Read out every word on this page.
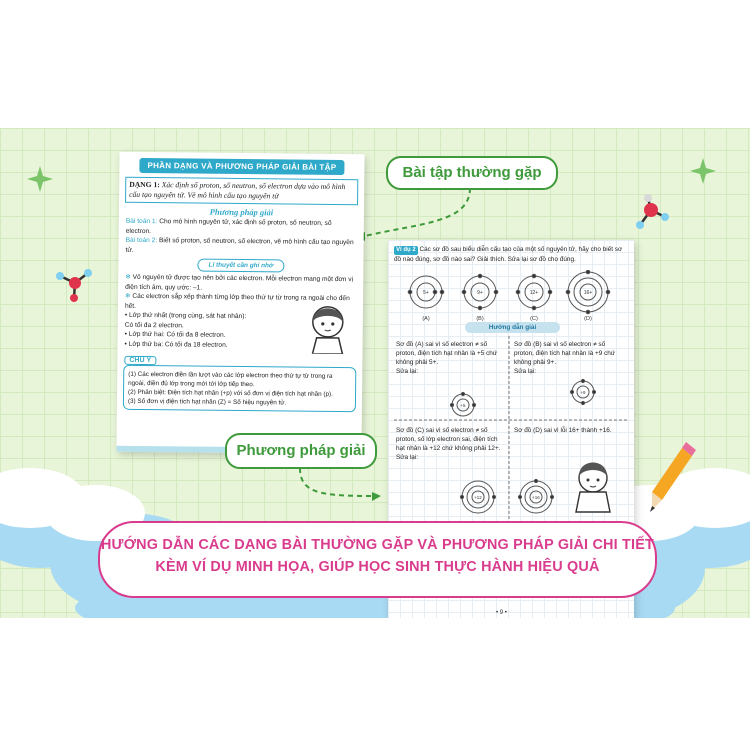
PHẦN DẠNG VÀ PHƯƠNG PHÁP GIẢI BÀI TẬP
DẠNG 1: Xác định số proton, số neutron, số electron dựa vào mô hình cấu tạo nguyên tử. Vẽ mô hình cấu tạo nguyên tử
Phương pháp giải
Bài toán 1: Cho mô hình nguyên tử, xác định số proton, số neutron, số electron.
Bài toán 2: Biết số proton, số neutron, số electron, vẽ mô hình cấu tạo nguyên tử.
Lí thuyết cần ghi nhớ
❄ Vỏ nguyên tử được tạo nên bởi các electron. Mỗi electron mang một đơn vị điện tích âm, quy ước: –1.
❄ Các electron sắp xếp thành từng lớp theo thứ tự từ trong ra ngoài cho đến hết.
• Lớp thứ nhất (trong cùng, sát hạt nhân):
Có tối đa 2 electron.
• Lớp thứ hai: Có tối đa 8 electron.
• Lớp thứ ba: Có tối đa 18 electron.
CHÚ Ý
(1) Các electron điền lần lượt vào các lớp electron theo thứ tự từ trong ra ngoài, điền đủ lớp trong mới tới lớp tiếp theo.
(2) Phân biệt: Điện tích hạt nhân (+p) với số đơn vị điện tích hạt nhân (p).
(3) Số đơn vị điện tích hạt nhân (Z) = Số hiệu nguyên tử.
Ví dụ 2 Các sơ đồ sau biểu diễn cấu tạo của một số nguyên tử, hãy cho biết sơ đồ nào đúng, sơ đồ nào sai? Giải thích. Sửa lại sơ đồ cho đúng.
5+	9+	12+	16+
(A)	(B)	(C)	(D)
Hướng dẫn giải
Sơ đồ (A) sai vì số electron ≠ số proton, điện tích hạt nhân là +5 chứ không phải 5+.
Sửa lại:
Sơ đồ (B) sai vì số electron ≠ số proton, điện tích hạt nhân là +9 chứ không phải 9+.
Sửa lại:
Sơ đồ (C) sai vì số electron ≠ số proton, số lớp electron sai, điện tích hạt nhân là +12 chứ không phải 12+.
Sửa lại:
Sơ đồ (D) sai vì lỗi 16+ thành +16.
+5
+9
+12	+16
• 9 •
Bài tập thường gặp
Phương pháp giải
HƯỚNG DẪN CÁC DẠNG BÀI THƯỜNG GẶP VÀ PHƯƠNG PHÁP GIẢI CHI TIẾT
KÈM VÍ DỤ MINH HỌA, GIÚP HỌC SINH THỰC HÀNH HIỆU QUẢ
